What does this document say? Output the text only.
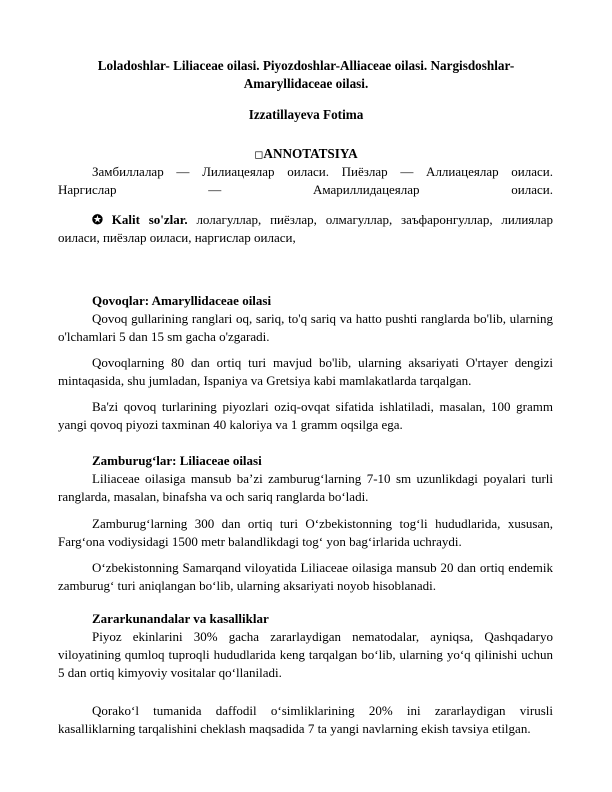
Loladoshlar- Liliaceae oilasi. Piyozdoshlar-Alliaceae oilasi. Nargisdoshlar-Amaryllidaceae oilasi.
Izzatillayeva Fotima
◻ANNOTATSIYA
Замбиллалар — Лилиацеялар оиласи. Пиёзлар — Аллиацеялар оиласи.
Наргислар — Амариллидацеялар оиласи.
✪ Kalit so'zlar. лолагуллар, пиёзлар, олмагуллар, заъфаронгуллар, лилиялар оиласи, пиёзлар оиласи, наргислар оиласи,
Qovoqlar: Amaryllidaceae oilasi
Qovoq gullarining ranglari oq, sariq, to'q sariq va hatto pushti ranglarda bo'lib, ularning o'lchamlari 5 dan 15 sm gacha o'zgaradi.
Qovoqlarning 80 dan ortiq turi mavjud bo'lib, ularning aksariyati O'rtayer dengizi mintaqasida, shu jumladan, Ispaniya va Gretsiya kabi mamlakatlarda tarqalgan.
Ba'zi qovoq turlarining piyozlari oziq-ovqat sifatida ishlatiladi, masalan, 100 gramm yangi qovoq piyozi taxminan 40 kaloriya va 1 gramm oqsilga ega.
Zamburug‘lar: Liliaceae oilasi
Liliaceae oilasiga mansub ba’zi zamburug‘larning 7-10 sm uzunlikdagi poyalari turli ranglarda, masalan, binafsha va och sariq ranglarda bo‘ladi.
Zamburug‘larning 300 dan ortiq turi O‘zbekistonning tog‘li hududlarida, xususan, Farg‘ona vodiysidagi 1500 metr balandlikdagi tog‘ yon bag‘irlarida uchraydi.
O‘zbekistonning Samarqand viloyatida Liliaceae oilasiga mansub 20 dan ortiq endemik zamburug‘ turi aniqlangan bo‘lib, ularning aksariyati noyob hisoblanadi.
Zararkunandalar va kasalliklar
Piyoz ekinlarini 30% gacha zararlaydigan nematodalar, ayniqsa, Qashqadaryo viloyatining qumloq tuproqli hududlarida keng tarqalgan bo‘lib, ularning yo‘q qilinishi uchun 5 dan ortiq kimyoviy vositalar qo‘llaniladi.
Qorako‘l tumanida daffodil o‘simliklarining 20% ini zararlaydigan virusli kasalliklarning tarqalishini cheklash maqsadida 7 ta yangi navlarning ekish tavsiya etilgan.
